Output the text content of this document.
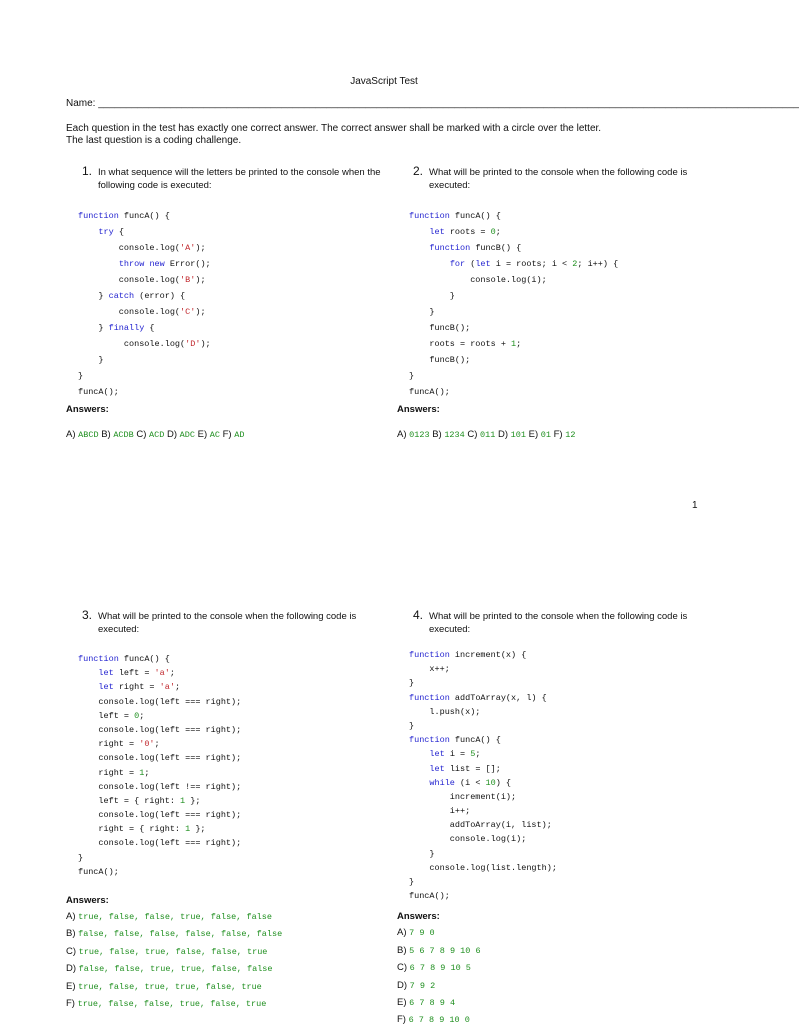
JavaScript Test
Name: ______________________________________________________________________________________________________________________________
Each question in the test has exactly one correct answer. The correct answer shall be marked with a circle over the letter.
The last question is a coding challenge.
1. In what sequence will the letters be printed to the console when the following code is executed:
function funcA() {
try {
console.log('A');
throw new Error();
console.log('B');
} catch (error) {
console.log('C');
} finally {
console.log('D');
}
}
funcA();
Answers:
A) ABCD B) ACDB C) ACD D) ADC E) AC F) AD
2. What will be printed to the console when the following code is executed:
function funcA() {
let roots = 0;
function funcB() {
for (let i = roots; i < 2; i++) {
console.log(i);
}
}
funcB();
roots = roots + 1;
funcB();
}
funcA();
Answers:
A) 0123 B) 1234 C) 011 D) 101 E) 01 F) 12
1
3. What will be printed to the console when the following code is executed:
function funcA() {
let left = 'a';
let right = 'a';
console.log(left === right);
left = 0;
console.log(left === right);
right = '0';
console.log(left === right);
right = 1;
console.log(left !== right);
left = { right: 1 };
console.log(left === right);
right = { right: 1 };
console.log(left === right);
}
funcA();
Answers:
A) true, false, false, true, false, false
B) false, false, false, false, false, false
C) true, false, true, false, false, true
D) false, false, true, true, false, false
E) true, false, true, true, false, true
F) true, false, false, true, false, true
4. What will be printed to the console when the following code is executed:
function increment(x) {
x++;
}
function addToArray(x, l) {
l.push(x);
}
function funcA() {
let i = 5;
let list = [];
while (i < 10) {
increment(i);
i++;
addToArray(i, list);
console.log(i);
}
console.log(list.length);
}
funcA();
Answers:
A) 7 9 0
B) 5 6 7 8 9 10 6
C) 6 7 8 9 10 5
D) 7 9 2
E) 6 7 8 9 4
F) 6 7 8 9 10 0
